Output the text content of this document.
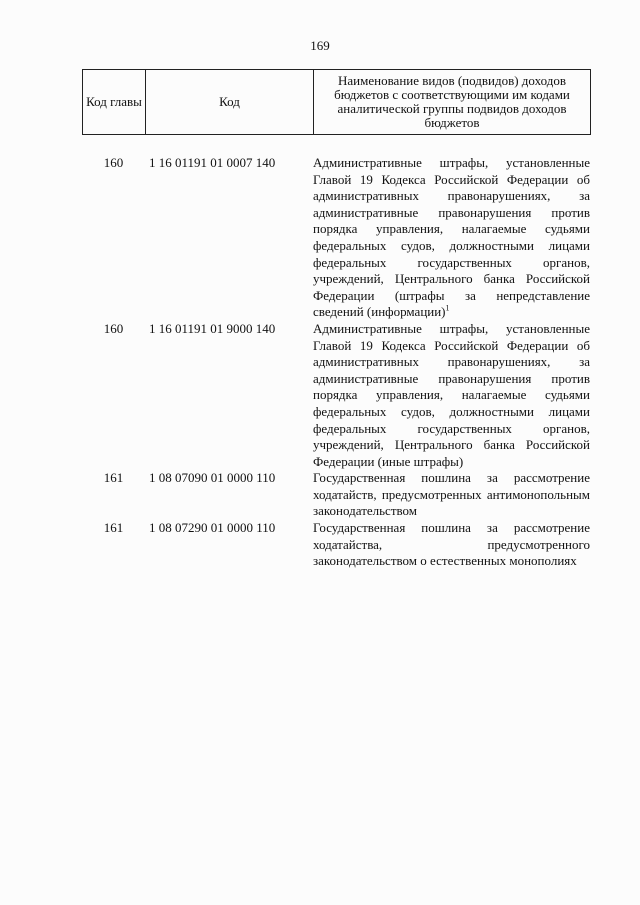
169
Код главы	Код	Наименование видов (подвидов) доходов бюджетов с соответствующими им кодами аналитической группы подвидов доходов бюджетов
160	1 16 01191 01 0007 140	Административные штрафы, установленные Главой 19 Кодекса Российской Федерации об административных правонарушениях, за административные правонарушения против порядка управления, налагаемые судьями федеральных судов, должностными лицами федеральных государственных органов, учреждений, Центрального банка Российской Федерации (штрафы за непредставление сведений (информации)$^1$
160	1 16 01191 01 9000 140	Административные штрафы, установленные Главой 19 Кодекса Российской Федерации об административных правонарушениях, за административные правонарушения против порядка управления, налагаемые судьями федеральных судов, должностными лицами федеральных государственных органов, учреждений, Центрального банка Российской Федерации (иные штрафы)
161	1 08 07090 01 0000 110	Государственная пошлина за рассмотрение ходатайств, предусмотренных антимонопольным законодательством
161	1 08 07290 01 0000 110	Государственная пошлина за рассмотрение ходатайства, предусмотренного законодательством о естественных монополиях
